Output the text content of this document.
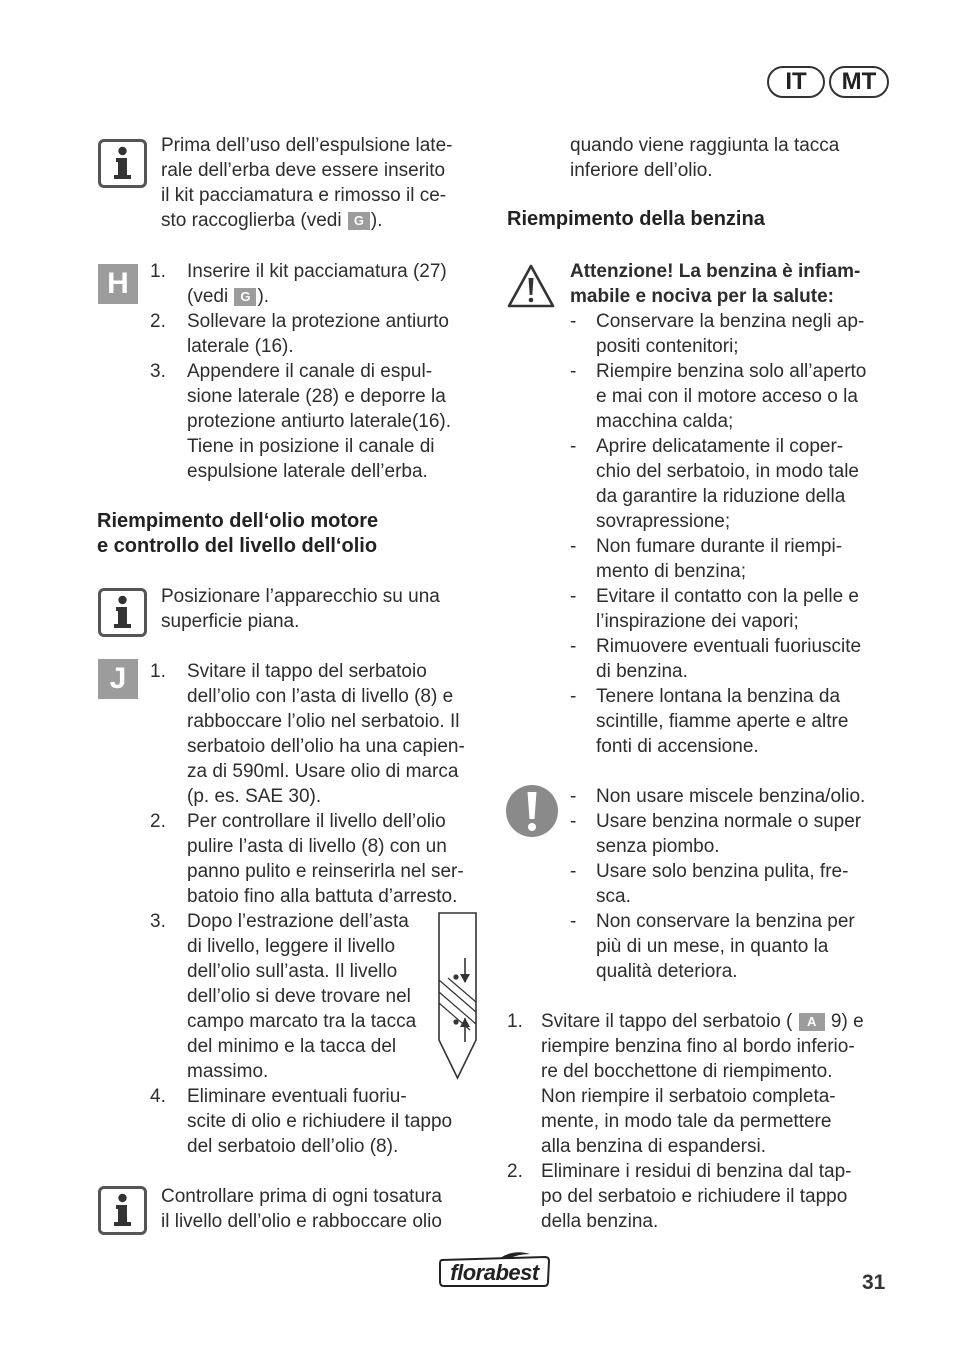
IT	MT
Prima dell’uso dell’espulsione late-
rale dell’erba deve essere inserito
il kit pacciamatura e rimosso il ce-
sto raccoglierba (vedi G ).
H	1.	Inserire il kit pacciamatura (27)
(vedi G ).
2.	Sollevare la protezione antiurto
laterale (16).
3.	Appendere il canale di espul-
sione laterale (28) e deporre la
protezione antiurto laterale(16).
Tiene in posizione il canale di
espulsione laterale dell’erba.
Riempimento dell‘olio motore
e controllo del livello dell‘olio
Posizionare l’apparecchio su una
superficie piana.
J	1.	Svitare il tappo del serbatoio
dell’olio con l’asta di livello (8) e
rabboccare l’olio nel serbatoio. Il
serbatoio dell’olio ha una capien-
za di 590ml. Usare olio di marca
(p. es. SAE 30).
2.	Per controllare il livello dell’olio
pulire l’asta di livello (8) con un
panno pulito e reinserirla nel ser-
batoio fino alla battuta d’arresto.
3.	Dopo l’estrazione dell’asta
di livello, leggere il livello
dell’olio sull’asta. Il livello
dell’olio si deve trovare nel
campo marcato tra la tacca
del minimo e la tacca del
massimo.
4.	Eliminare eventuali fuoriu-
scite di olio e richiudere il tappo
del serbatoio dell’olio (8).
Controllare prima di ogni tosatura
il livello dell’olio e rabboccare olio
quando viene raggiunta la tacca
inferiore dell’olio.
Riempimento della benzina
Attenzione! La benzina è infiam-
mabile e nociva per la salute:
- Conservare la benzina negli ap-
positi contenitori;
- Riempire benzina solo all’aperto
e mai con il motore acceso o la
macchina calda;
- Aprire delicatamente il coper-
chio del serbatoio, in modo tale
da garantire la riduzione della
sovrapressione;
- Non fumare durante il riempi-
mento di benzina;
- Evitare il contatto con la pelle e
l’inspirazione dei vapori;
- Rimuovere eventuali fuoriuscite
di benzina.
- Tenere lontana la benzina da
scintille, fiamme aperte e altre
fonti di accensione.
- Non usare miscele benzina/olio.
- Usare benzina normale o super
senza piombo.
- Usare solo benzina pulita, fre-
sca.
- Non conservare la benzina per
più di un mese, in quanto la
qualità deteriora.
1. Svitare il tappo del serbatoio ( A 9) e
riempire benzina fino al bordo inferio-
re del bocchettone di riempimento.
Non riempire il serbatoio completa-
mente, in modo tale da permettere
alla benzina di espandersi.
2. Eliminare i residui di benzina dal tap-
po del serbatoio e richiudere il tappo
della benzina.
florabest	31
